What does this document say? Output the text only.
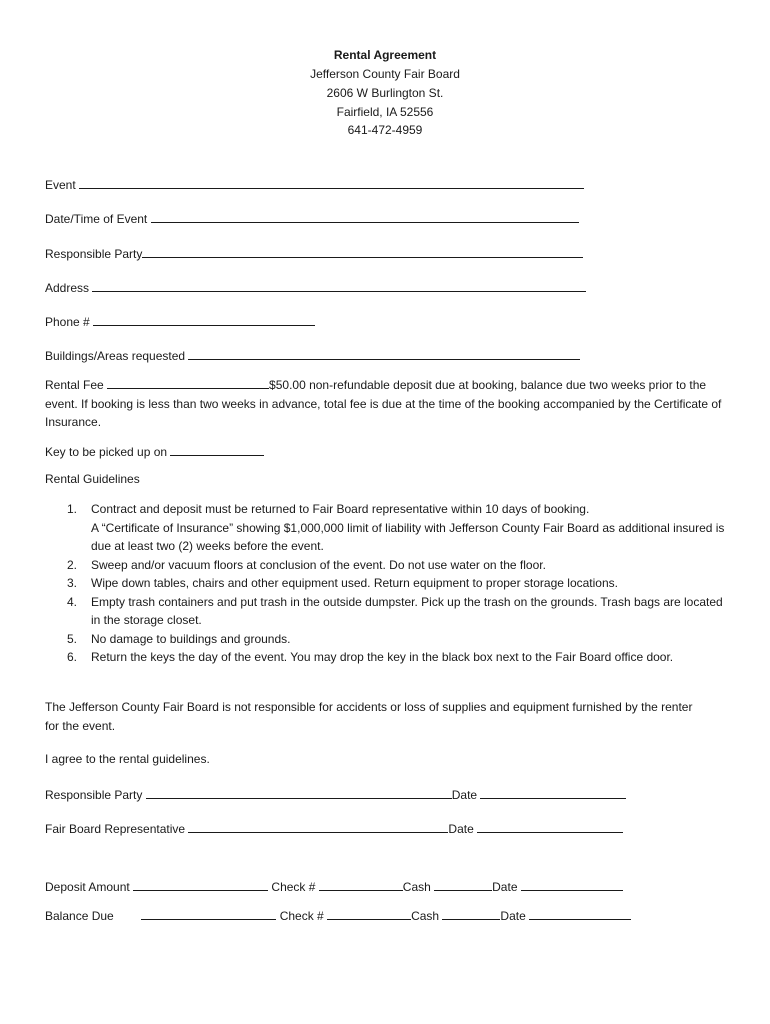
Rental Agreement
Jefferson County Fair Board
2606 W Burlington St.
Fairfield, IA 52556
641-472-4959
Event
Date/Time of Event
Responsible Party
Address
Phone #
Buildings/Areas requested
Rental Fee	$50.00 non-refundable deposit due at booking, balance due two weeks prior to the event. If booking is less than two weeks in advance, total fee is due at the time of the booking accompanied by the Certificate of Insurance.
Key to be picked up on
Rental Guidelines
1. Contract and deposit must be returned to Fair Board representative within 10 days of booking.
A “Certificate of Insurance” showing $1,000,000 limit of liability with Jefferson County Fair Board as additional insured is due at least two (2) weeks before the event.
2. Sweep and/or vacuum floors at conclusion of the event. Do not use water on the floor.
3. Wipe down tables, chairs and other equipment used. Return equipment to proper storage locations.
4. Empty trash containers and put trash in the outside dumpster. Pick up the trash on the grounds. Trash bags are located in the storage closet.
5. No damage to buildings and grounds.
6. Return the keys the day of the event. You may drop the key in the black box next to the Fair Board office door.
The Jefferson County Fair Board is not responsible for accidents or loss of supplies and equipment furnished by the renter for the event.
I agree to the rental guidelines.
Responsible Party	Date
Fair Board Representative	Date
Deposit Amount	Check #	Cash	Date
Balance Due	Check #	Cash	Date
